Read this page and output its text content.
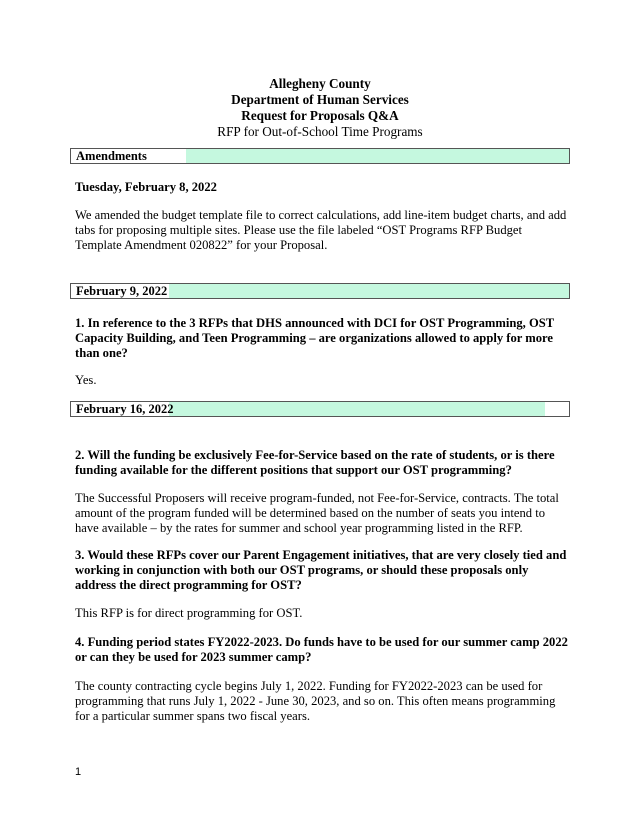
Allegheny County
Department of Human Services
Request for Proposals Q&A
RFP for Out-of-School Time Programs
Amendments

Tuesday, February 8, 2022

We amended the budget template file to correct calculations, add line-item budget charts, and add tabs for proposing multiple sites. Please use the file labeled “OST Programs RFP Budget Template Amendment 020822” for your Proposal.

February 9, 2022

1. In reference to the 3 RFPs that DHS announced with DCI for OST Programming, OST Capacity Building, and Teen Programming – are organizations allowed to apply for more than one?

Yes.

February 16, 2022

2. Will the funding be exclusively Fee-for-Service based on the rate of students, or is there funding available for the different positions that support our OST programming?

The Successful Proposers will receive program-funded, not Fee-for-Service, contracts. The total amount of the program funded will be determined based on the number of seats you intend to have available – by the rates for summer and school year programming listed in the RFP.

3. Would these RFPs cover our Parent Engagement initiatives, that are very closely tied and working in conjunction with both our OST programs, or should these proposals only address the direct programming for OST?

This RFP is for direct programming for OST.

4. Funding period states FY2022-2023. Do funds have to be used for our summer camp 2022 or can they be used for 2023 summer camp?

The county contracting cycle begins July 1, 2022. Funding for FY2022-2023 can be used for programming that runs July 1, 2022 - June 30, 2023, and so on. This often means programming for a particular summer spans two fiscal years.

1
